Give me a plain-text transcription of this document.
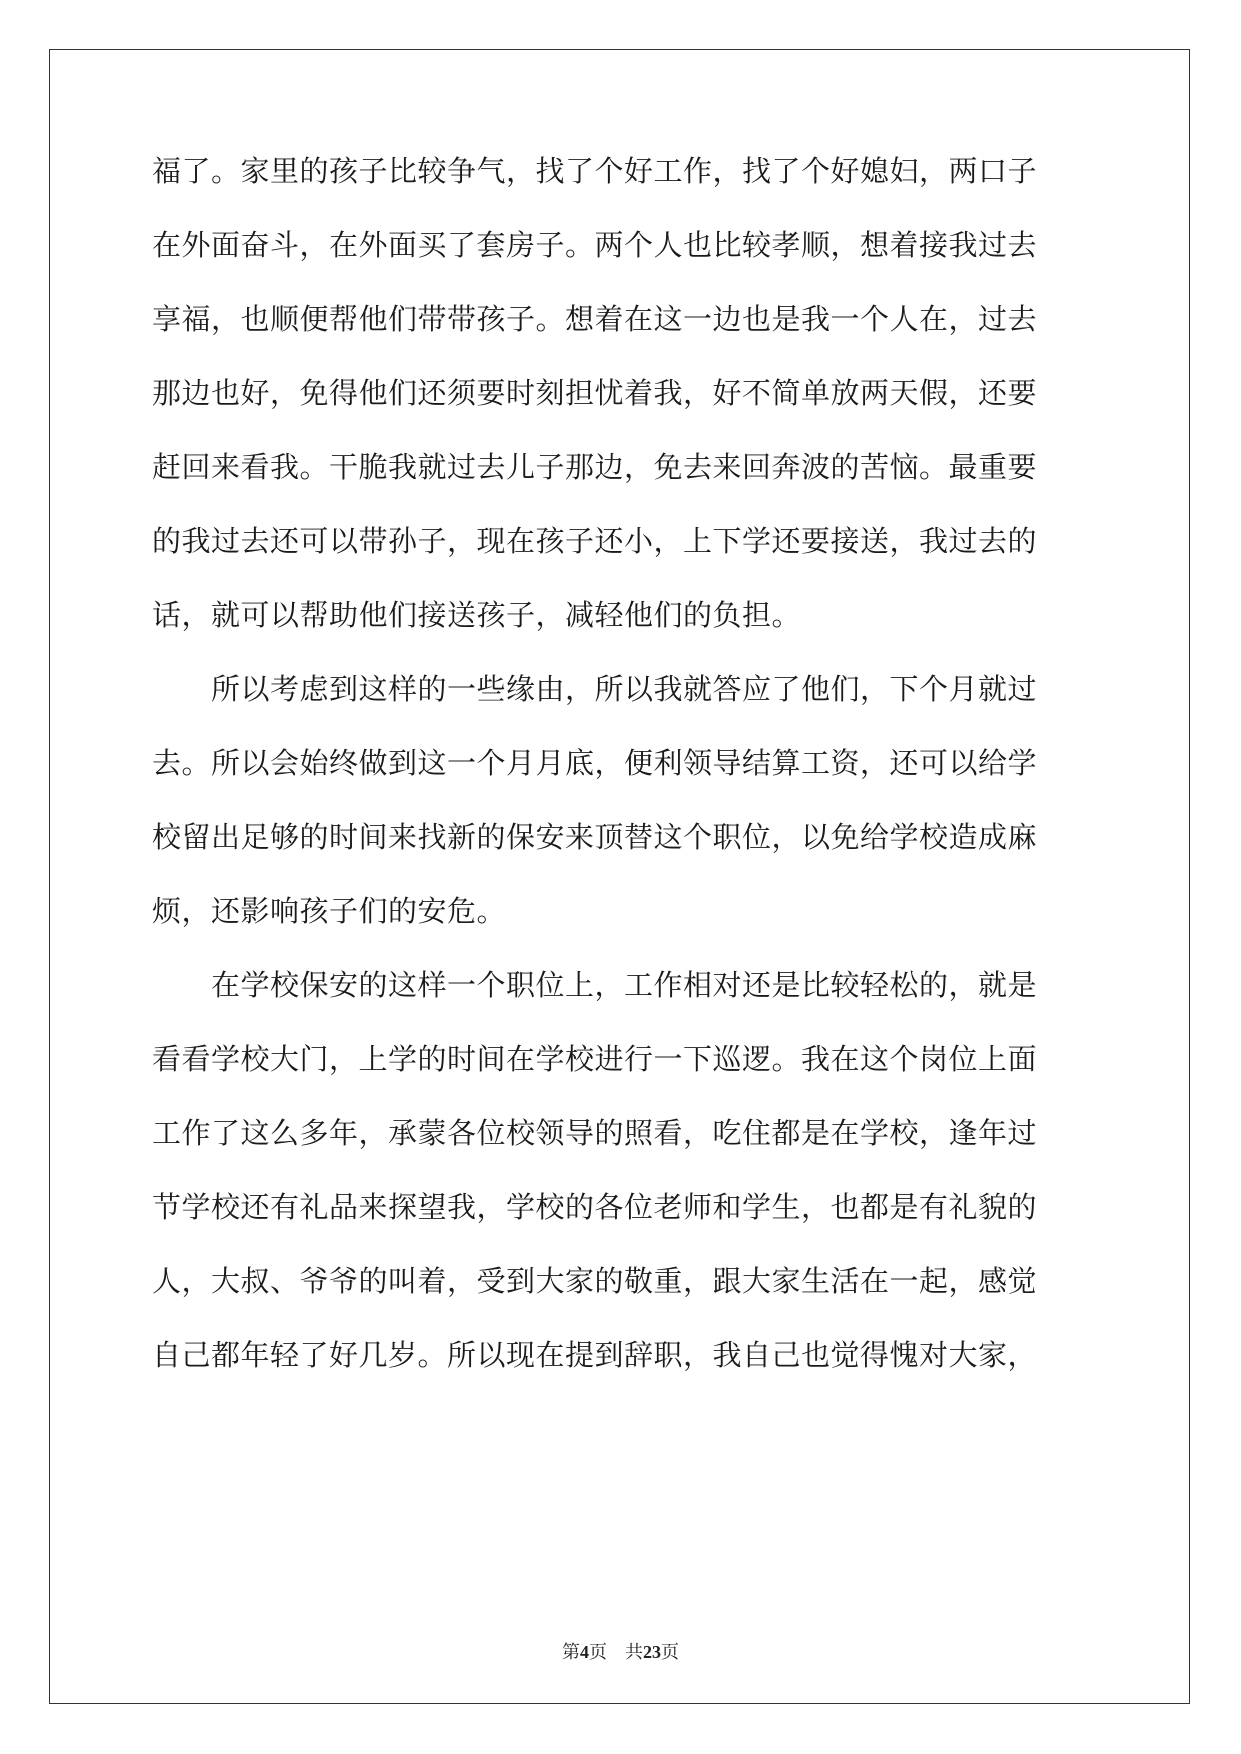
福了。家里的孩子比较争气，找了个好工作，找了个好媳妇，两口子
在外面奋斗，在外面买了套房子。两个人也比较孝顺，想着接我过去
享福，也顺便帮他们带带孩子。想着在这一边也是我一个人在，过去
那边也好，免得他们还须要时刻担忧着我，好不简单放两天假，还要
赶回来看我。干脆我就过去儿子那边，免去来回奔波的苦恼。最重要
的我过去还可以带孙子，现在孩子还小，上下学还要接送，我过去的
话，就可以帮助他们接送孩子，减轻他们的负担。
　　所以考虑到这样的一些缘由，所以我就答应了他们，下个月就过
去。所以会始终做到这一个月月底，便利领导结算工资，还可以给学
校留出足够的时间来找新的保安来顶替这个职位，以免给学校造成麻
烦，还影响孩子们的安危。
　　在学校保安的这样一个职位上，工作相对还是比较轻松的，就是
看看学校大门，上学的时间在学校进行一下巡逻。我在这个岗位上面
工作了这么多年，承蒙各位校领导的照看，吃住都是在学校，逢年过
节学校还有礼品来探望我，学校的各位老师和学生，也都是有礼貌的
人，大叔、爷爷的叫着，受到大家的敬重，跟大家生活在一起，感觉
自己都年轻了好几岁。所以现在提到辞职，我自己也觉得愧对大家，
第4页 共23页
